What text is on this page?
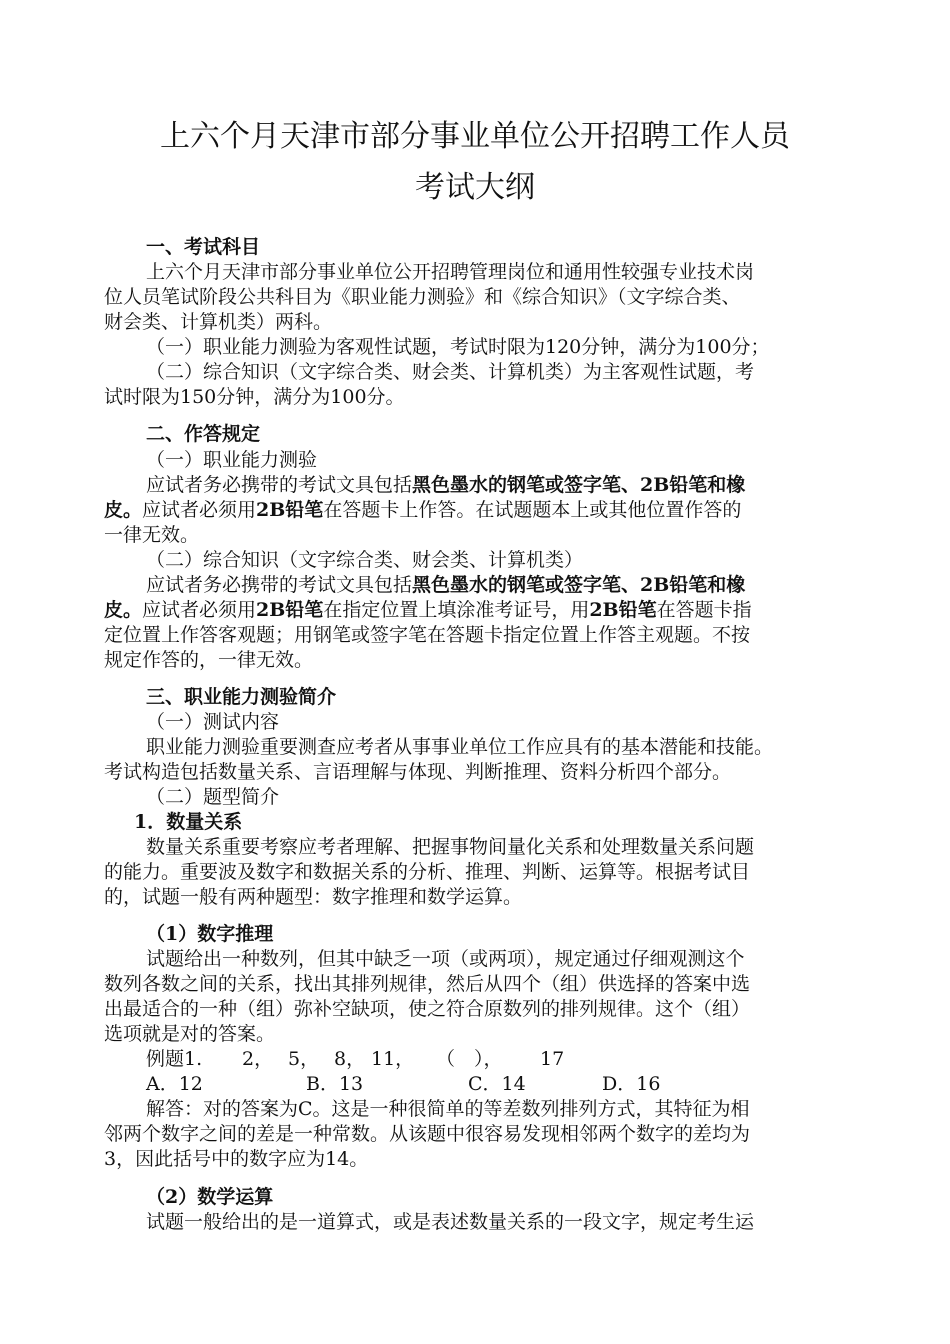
上六个月天津市部分事业单位公开招聘工作人员
考试大纲
一、考试科目
上六个月天津市部分事业单位公开招聘管理岗位和通用性较强专业技术岗
位人员笔试阶段公共科目为《职业能力测验》和《综合知识》（文字综合类、
财会类、计算机类）两科。
（一）职业能力测验为客观性试题，考试时限为120分钟，满分为100分；
（二）综合知识（文字综合类、财会类、计算机类）为主客观性试题，考
试时限为150分钟，满分为100分。
二、作答规定
（一）职业能力测验
应试者务必携带的考试文具包括黑色墨水的钢笔或签字笔、2B铅笔和橡
皮。应试者必须用2B铅笔在答题卡上作答。在试题题本上或其他位置作答的
一律无效。
（二）综合知识（文字综合类、财会类、计算机类）
应试者务必携带的考试文具包括黑色墨水的钢笔或签字笔、2B铅笔和橡
皮。应试者必须用2B铅笔在指定位置上填涂准考证号，用2B铅笔在答题卡指
定位置上作答客观题；用钢笔或签字笔在答题卡指定位置上作答主观题。不按
规定作答的，一律无效。
三、职业能力测验简介
（一）测试内容
职业能力测验重要测查应考者从事事业单位工作应具有的基本潜能和技能。
考试构造包括数量关系、言语理解与体现、判断推理、资料分析四个部分。
（二）题型简介
1．数量关系
数量关系重要考察应考者理解、把握事物间量化关系和处理数量关系问题
的能力。重要波及数字和数据关系的分析、推理、判断、运算等。根据考试目
的，试题一般有两种题型：数字推理和数学运算。
（1）数字推理
试题给出一种数列，但其中缺乏一项（或两项），规定通过仔细观测这个
数列各数之间的关系，找出其排列规律，然后从四个（组）供选择的答案中选
出最适合的一种（组）弥补空缺项，使之符合原数列的排列规律。这个（组）
选项就是对的答案。
例题1. 2， 5， 8， 11， （　）， 17
A．12	B．13	C．14	D．16
解答：对的答案为C。这是一种很简单的等差数列排列方式，其特征为相
邻两个数字之间的差是一种常数。从该题中很容易发现相邻两个数字的差均为
3，因此括号中的数字应为14。
（2）数学运算
试题一般给出的是一道算式，或是表述数量关系的一段文字，规定考生运
